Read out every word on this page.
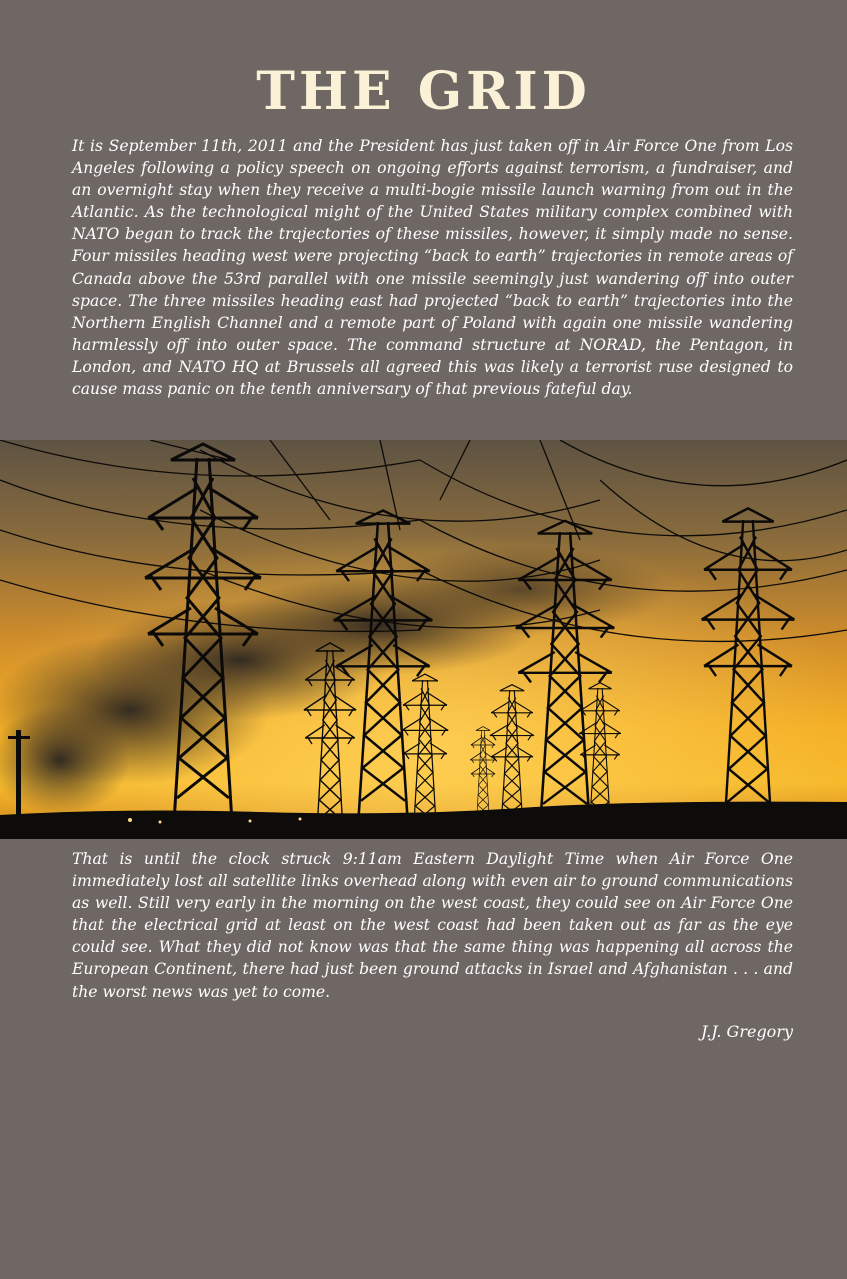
THE GRID

It is September 11th, 2011 and the President has just taken off in Air Force One from Los Angeles following a policy speech on ongoing efforts against terrorism, a fundraiser, and an overnight stay when they receive a multi-bogie missile launch warning from out in the Atlantic. As the technological might of the United States military complex combined with NATO began to track the trajectories of these missiles, however, it simply made no sense. Four missiles heading west were projecting “back to earth” trajectories in remote areas of Canada above the 53rd parallel with one missile seemingly just wandering off into outer space. The three missiles heading east had projected “back to earth” trajectories into the Northern English Channel and a remote part of Poland with again one missile wandering harmlessly off into outer space. The command structure at NORAD, the Pentagon, in London, and NATO HQ at Brussels all agreed this was likely a terrorist ruse designed to cause mass panic on the tenth anniversary of that previous fateful day.

That is until the clock struck 9:11am Eastern Daylight Time when Air Force One immediately lost all satellite links overhead along with even air to ground communications as well. Still very early in the morning on the west coast, they could see on Air Force One that the electrical grid at least on the west coast had been taken out as far as the eye could see. What they did not know was that the same thing was happening all across the European Continent, there had just been ground attacks in Israel and Afghanistan . . . and the worst news was yet to come.

J.J. Gregory
